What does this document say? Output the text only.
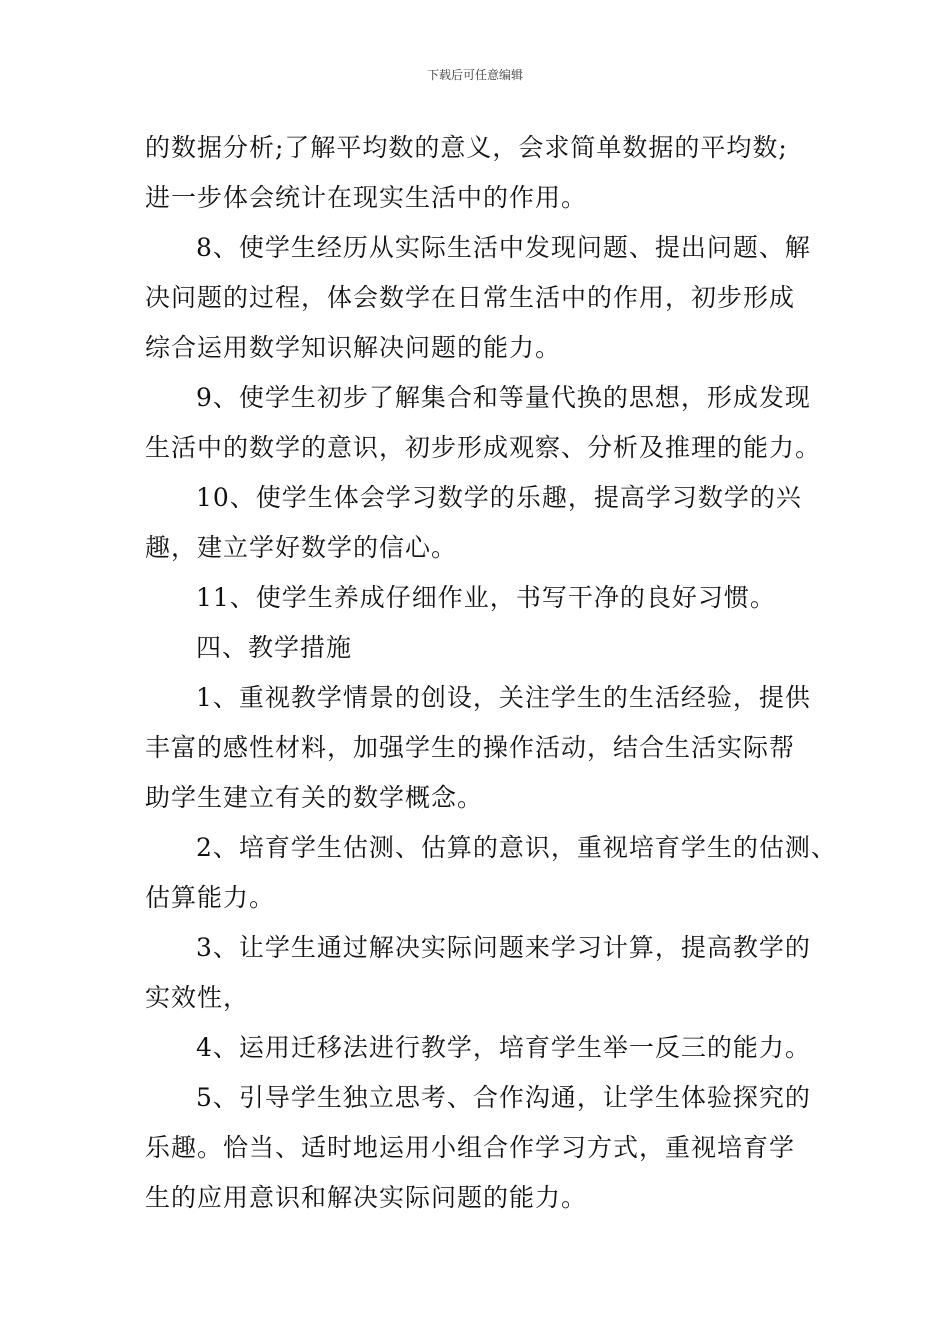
下载后可任意编辑
的数据分析;了解平均数的意义，会求简单数据的平均数;
进一步体会统计在现实生活中的作用。
8、使学生经历从实际生活中发现问题、提出问题、解
决问题的过程，体会数学在日常生活中的作用，初步形成
综合运用数学知识解决问题的能力。
9、使学生初步了解集合和等量代换的思想，形成发现
生活中的数学的意识，初步形成观察、分析及推理的能力。
10、使学生体会学习数学的乐趣，提高学习数学的兴
趣，建立学好数学的信心。
11、使学生养成仔细作业，书写干净的良好习惯。
四、教学措施
1、重视教学情景的创设，关注学生的生活经验，提供
丰富的感性材料，加强学生的操作活动，结合生活实际帮
助学生建立有关的数学概念。
2、培育学生估测、估算的意识，重视培育学生的估测、
估算能力。
3、让学生通过解决实际问题来学习计算，提高教学的
实效性，
4、运用迁移法进行教学，培育学生举一反三的能力。
5、引导学生独立思考、合作沟通，让学生体验探究的
乐趣。恰当、适时地运用小组合作学习方式，重视培育学
生的应用意识和解决实际问题的能力。
